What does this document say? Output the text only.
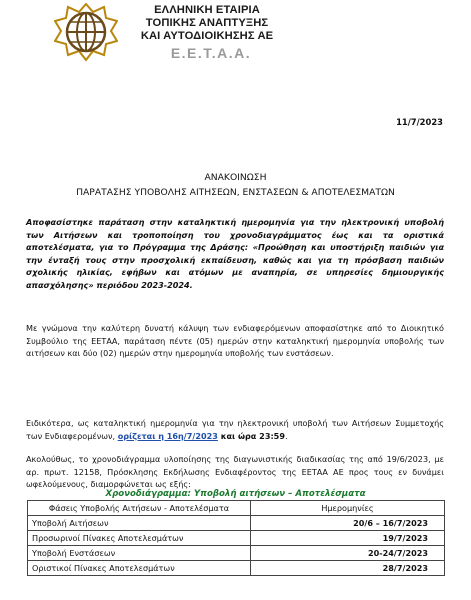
ΕΛΛΗΝΙΚΗ ΕΤΑΙΡΙΑ
ΤΟΠΙΚΗΣ ΑΝΑΠΤΥΞΗΣ
ΚΑΙ ΑΥΤΟΔΙΟΙΚΗΣΗΣ ΑΕ
Ε.Ε.Τ.Α.Α.
11/7/2023
ΑΝΑΚΟΙΝΩΣΗ
ΠΑΡΑΤΑΣΗΣ ΥΠΟΒΟΛΗΣ ΑΙΤΗΣΕΩΝ, ΕΝΣΤΑΣΕΩΝ & ΑΠΟΤΕΛΕΣΜΑΤΩΝ
Αποφασίστηκε παράταση στην καταληκτική ημερομηνία για την ηλεκτρονική υποβολή των Αιτήσεων και τροποποίηση του χρονοδιαγράμματος έως και τα οριστικά αποτελέσματα, για το Πρόγραμμα της Δράσης: «Προώθηση και υποστήριξη παιδιών για την ένταξή τους στην προσχολική εκπαίδευση, καθώς και για τη πρόσβαση παιδιών σχολικής ηλικίας, εφήβων και ατόμων με αναπηρία, σε υπηρεσίες δημιουργικής απασχόλησης» περιόδου 2023-2024.
Με γνώμονα την καλύτερη δυνατή κάλυψη των ενδιαφερόμενων αποφασίστηκε από το Διοικητικό Συμβούλιο της ΕΕΤΑΑ, παράταση πέντε (05) ημερών στην καταληκτική ημερομηνία υποβολής των αιτήσεων και δύο (02) ημερών στην ημερομηνία υποβολής των ενστάσεων.
Ειδικότερα, ως καταληκτική ημερομηνία για την ηλεκτρονική υποβολή των Αιτήσεων Συμμετοχής των Ενδιαφερομένων, ορίζεται η 16η/7/2023 και ώρα 23:59.
Ακολούθως, το χρονοδιάγραμμα υλοποίησης της διαγωνιστικής διαδικασίας της από 19/6/2023, με αρ. πρωτ. 12158, Πρόσκλησης Εκδήλωσης Ενδιαφέροντος της ΕΕΤΑΑ ΑΕ προς τους εν δυνάμει ωφελούμενους, διαμορφώνεται ως εξής:
Χρονοδιάγραμμα: Υποβολή αιτήσεων – Αποτελέσματα
Φάσεις Υποβολής Αιτήσεων - Αποτελέσματα	Ημερομηνίες
Υποβολή Αιτήσεων	20/6 – 16/7/2023
Προσωρινοί Πίνακες Αποτελεσμάτων	19/7/2023
Υποβολή Ενστάσεων	20-24/7/2023
Οριστικοί Πίνακες Αποτελεσμάτων	28/7/2023
